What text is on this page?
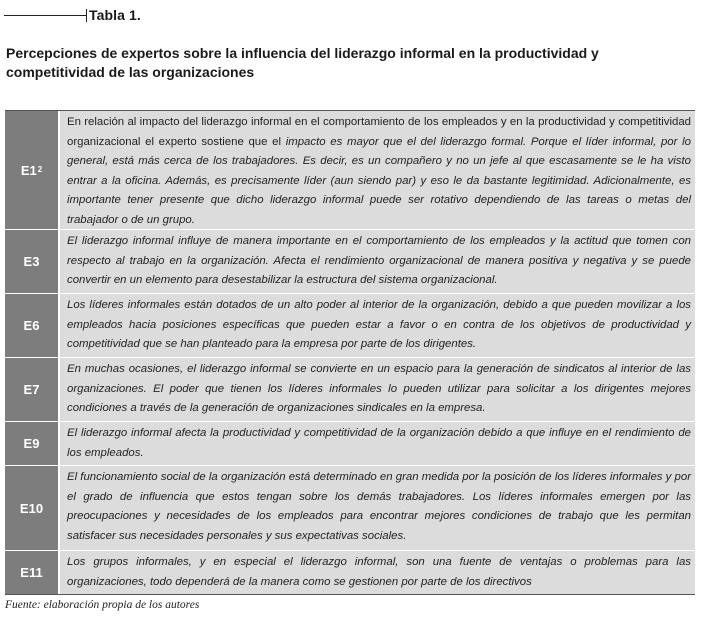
Tabla 1.
Percepciones de expertos sobre la influencia del liderazgo informal en la productividad y competitividad de las organizaciones
$E1^2$
En relación al impacto del liderazgo informal en el comportamiento de los empleados y en la productividad y competitividad organizacional el experto sostiene que el impacto es mayor que el del liderazgo formal. Porque el líder informal, por lo general, está más cerca de los trabajadores. Es decir, es un compañero y no un jefe al que escasamente se le ha visto entrar a la oficina. Además, es precisamente líder (aun siendo par) y eso le da bastante legitimidad. Adicionalmente, es importante tener presente que dicho liderazgo informal puede ser rotativo dependiendo de las tareas o metas del trabajador o de un grupo.
E3
El liderazgo informal influye de manera importante en el comportamiento de los empleados y la actitud que tomen con respecto al trabajo en la organización. Afecta el rendimiento organizacional de manera positiva y negativa y se puede convertir en un elemento para desestabilizar la estructura del sistema organizacional.
E6
Los líderes informales están dotados de un alto poder al interior de la organización, debido a que pueden movilizar a los empleados hacia posiciones específicas que pueden estar a favor o en contra de los objetivos de productividad y competitividad que se han planteado para la empresa por parte de los dirigentes.
E7
En muchas ocasiones, el liderazgo informal se convierte en un espacio para la generación de sindicatos al interior de las organizaciones. El poder que tienen los líderes informales lo pueden utilizar para solicitar a los dirigentes mejores condiciones a través de la generación de organizaciones sindicales en la empresa.
E9
El liderazgo informal afecta la productividad y competitividad de la organización debido a que influye en el rendimiento de los empleados.
E10
El funcionamiento social de la organización está determinado en gran medida por la posición de los líderes informales y por el grado de influencia que estos tengan sobre los demás trabajadores. Los líderes informales emergen por las preocupaciones y necesidades de los empleados para encontrar mejores condiciones de trabajo que les permitan satisfacer sus necesidades personales y sus expectativas sociales.
E11
Los grupos informales, y en especial el liderazgo informal, son una fuente de ventajas o problemas para las organizaciones, todo dependerá de la manera como se gestionen por parte de los directivos
Fuente: elaboración propia de los autores
